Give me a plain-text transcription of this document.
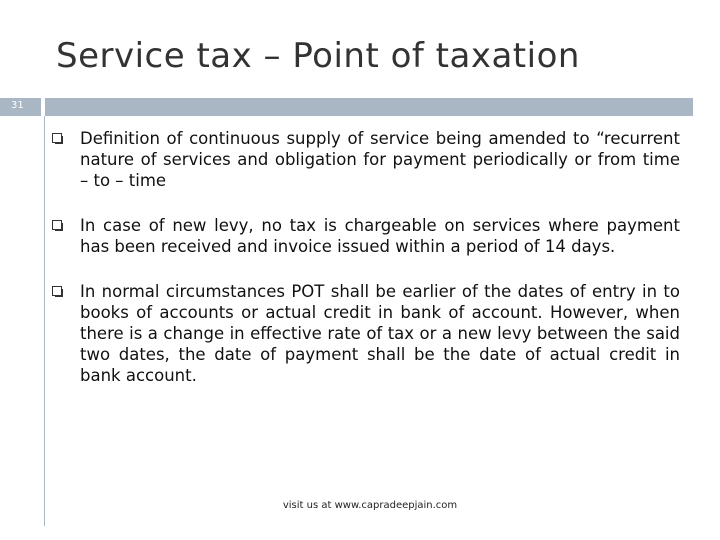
Service tax – Point of taxation
31
Definition of continuous supply of service being amended to “recurrent nature of services and obligation for payment periodically or from time – to – time
In case of new levy, no tax is chargeable on services where payment has been received and invoice issued within a period of 14 days.
In normal circumstances POT shall be earlier of the dates of entry in to books of accounts or actual credit in bank of account. However, when there is a change in effective rate of tax or a new levy between the said two dates, the date of payment shall be the date of actual credit in bank account.
visit us at www.capradeepjain.com
